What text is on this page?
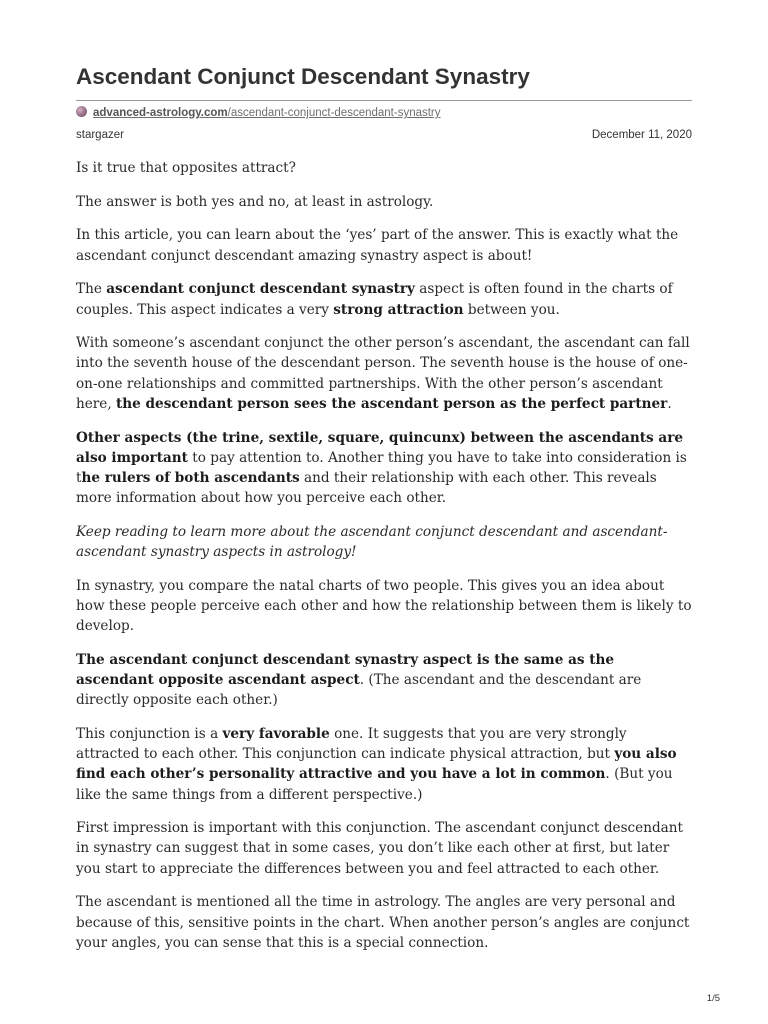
Ascendant Conjunct Descendant Synastry
advanced-astrology.com/ascendant-conjunct-descendant-synastry
stargazer	December 11, 2020

Is it true that opposites attract?

The answer is both yes and no, at least in astrology.

In this article, you can learn about the ‘yes’ part of the answer. This is exactly what the ascendant conjunct descendant amazing synastry aspect is about!

The ascendant conjunct descendant synastry aspect is often found in the charts of couples. This aspect indicates a very strong attraction between you.

With someone’s ascendant conjunct the other person’s ascendant, the ascendant can fall into the seventh house of the descendant person. The seventh house is the house of one-on-one relationships and committed partnerships. With the other person’s ascendant here, the descendant person sees the ascendant person as the perfect partner.

Other aspects (the trine, sextile, square, quincunx) between the ascendants are also important to pay attention to. Another thing you have to take into consideration is the rulers of both ascendants and their relationship with each other. This reveals more information about how you perceive each other.

Keep reading to learn more about the ascendant conjunct descendant and ascendant-ascendant synastry aspects in astrology!

In synastry, you compare the natal charts of two people. This gives you an idea about how these people perceive each other and how the relationship between them is likely to develop.

The ascendant conjunct descendant synastry aspect is the same as the ascendant opposite ascendant aspect. (The ascendant and the descendant are directly opposite each other.)

This conjunction is a very favorable one. It suggests that you are very strongly attracted to each other. This conjunction can indicate physical attraction, but you also find each other’s personality attractive and you have a lot in common. (But you like the same things from a different perspective.)

First impression is important with this conjunction. The ascendant conjunct descendant in synastry can suggest that in some cases, you don’t like each other at first, but later you start to appreciate the differences between you and feel attracted to each other.

The ascendant is mentioned all the time in astrology. The angles are very personal and because of this, sensitive points in the chart. When another person’s angles are conjunct your angles, you can sense that this is a special connection.

1/5
